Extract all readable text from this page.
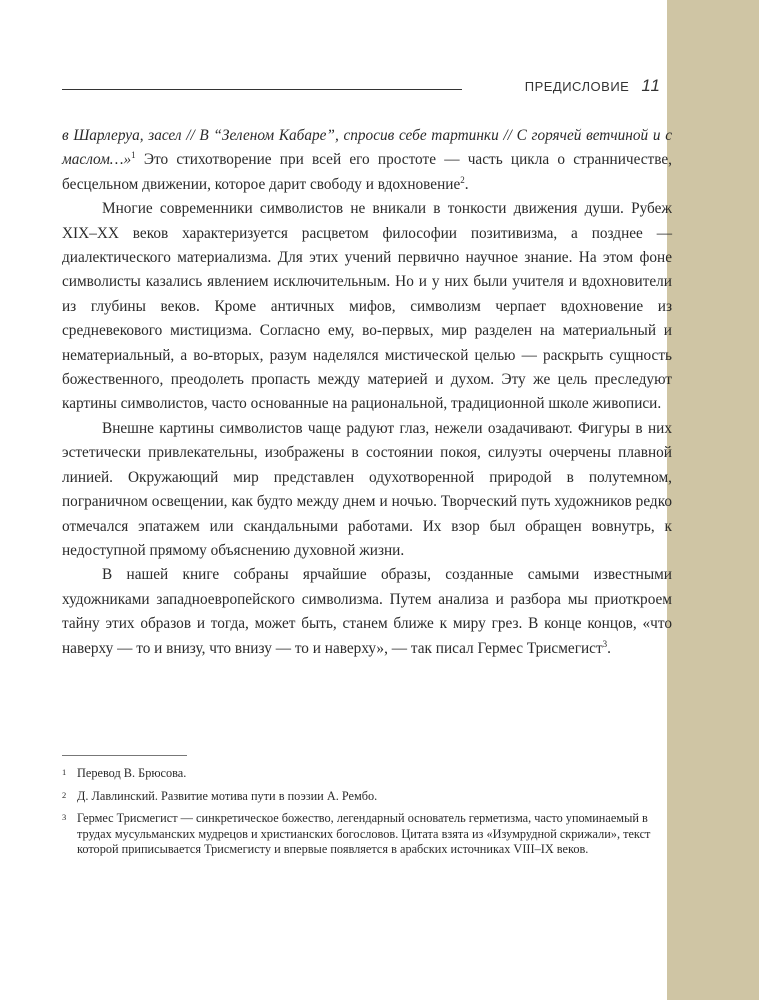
ПРЕДИСЛОВИЕ 11

в Шарлеруа, засел // В “Зеленом Кабаре”, спросив себе тартинки // С горячей ветчиной и с маслом…»$^1$ Это стихотворение при всей его простоте — часть цикла о странничестве, бесцельном движении, которое дарит свободу и вдохновение$^2$.

Многие современники символистов не вникали в тонкости движения души. Рубеж XIX–XX веков характеризуется расцветом философии позитивизма, а позднее — диалектического материализма. Для этих учений первично научное знание. На этом фоне символисты казались явлением исключительным. Но и у них были учителя и вдохновители из глубины веков. Кроме античных мифов, символизм черпает вдохновение из средневекового мистицизма. Согласно ему, во-первых, мир разделен на материальный и нематериальный, а во-вторых, разум наделялся мистической целью — раскрыть сущность божественного, преодолеть пропасть между материей и духом. Эту же цель преследуют картины символистов, часто основанные на рациональной, традиционной школе живописи.

Внешне картины символистов чаще радуют глаз, нежели озадачивают. Фигуры в них эстетически привлекательны, изображены в состоянии покоя, силуэты очерчены плавной линией. Окружающий мир представлен одухотворенной природой в полутемном, пограничном освещении, как будто между днем и ночью. Творческий путь художников редко отмечался эпатажем или скандальными работами. Их взор был обращен вовнутрь, к недоступной прямому объяснению духовной жизни.

В нашей книге собраны ярчайшие образы, созданные самыми известными художниками западноевропейского символизма. Путем анализа и разбора мы приоткроем тайну этих образов и тогда, может быть, станем ближе к миру грез. В конце концов, «что наверху — то и внизу, что внизу — то и наверху», — так писал Гермес Трисмегист$^3$.

1 Перевод В. Брюсова.
2 Д. Лавлинский. Развитие мотива пути в поэзии А. Рембо.
3 Гермес Трисмегист — синкретическое божество, легендарный основатель герметизма, часто упоминаемый в трудах мусульманских мудрецов и христианских богословов. Цитата взята из «Изумрудной скрижали», текст которой приписывается Трисмегисту и впервые появляется в арабских источниках VIII–IX веков.
